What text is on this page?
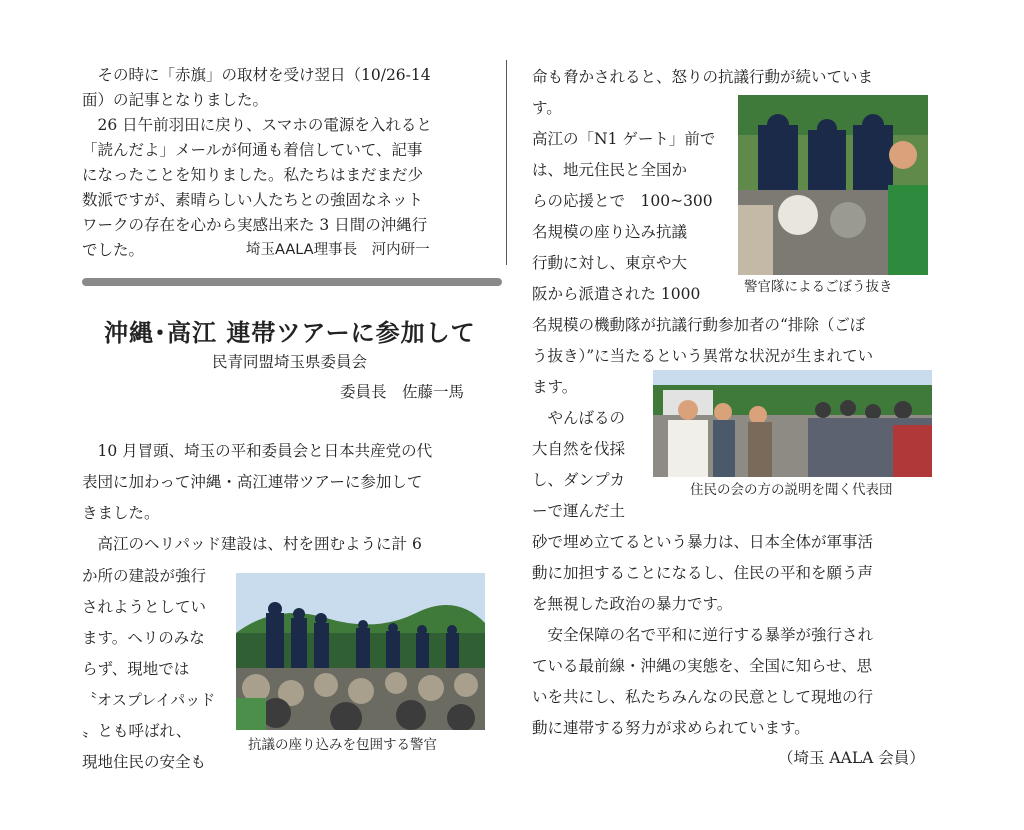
　その時に「赤旗」の取材を受け翌日（10/26-14

面）の記事となりました。

　26 日午前羽田に戻り、スマホの電源を入れると

「読んだよ」メールが何通も着信していて、記事

になったことを知りました。私たちはまだまだ少

数派ですが、素晴らしい人たちとの強固なネット

ワークの存在を心から実感出来た 3 日間の沖縄行

でした。	埼玉AALA理事長　河内研一

沖縄･高江 連帯ツアーに参加して

民青同盟埼玉県委員会

委員長　佐藤一馬

　10 月冒頭、埼玉の平和委員会と日本共産党の代

表団に加わって沖縄・高江連帯ツアーに参加して

きました。

　高江のヘリパッド建設は、村を囲むように計 6

か所の建設が強行

されようとしてい

ます。ヘリのみな

らず、現地では

〝オスプレイパッド

〟とも呼ばれ、

現地住民の安全も

抗議の座り込みを包囲する警官

命も脅かされると、怒りの抗議行動が続いていま

す。

高江の「N1 ゲート」前で

は、地元住民と全国か

らの応援とで　100~300

名規模の座り込み抗議

行動に対し、東京や大

阪から派遣された 1000	警官隊によるごぼう抜き

名規模の機動隊が抗議行動参加者の“排除（ごぼ

う抜き）”に当たるという異常な状況が生まれてい

ます。

　やんばるの

大自然を伐採

し、ダンプカ

ーで運んだ土

住民の会の方の説明を聞く代表団

砂で埋め立てるという暴力は、日本全体が軍事活

動に加担することになるし、住民の平和を願う声

を無視した政治の暴力です。

　安全保障の名で平和に逆行する暴挙が強行され

ている最前線・沖縄の実態を、全国に知らせ、思

いを共にし、私たちみんなの民意として現地の行

動に連帯する努力が求められています。

（埼玉 AALA 会員）
